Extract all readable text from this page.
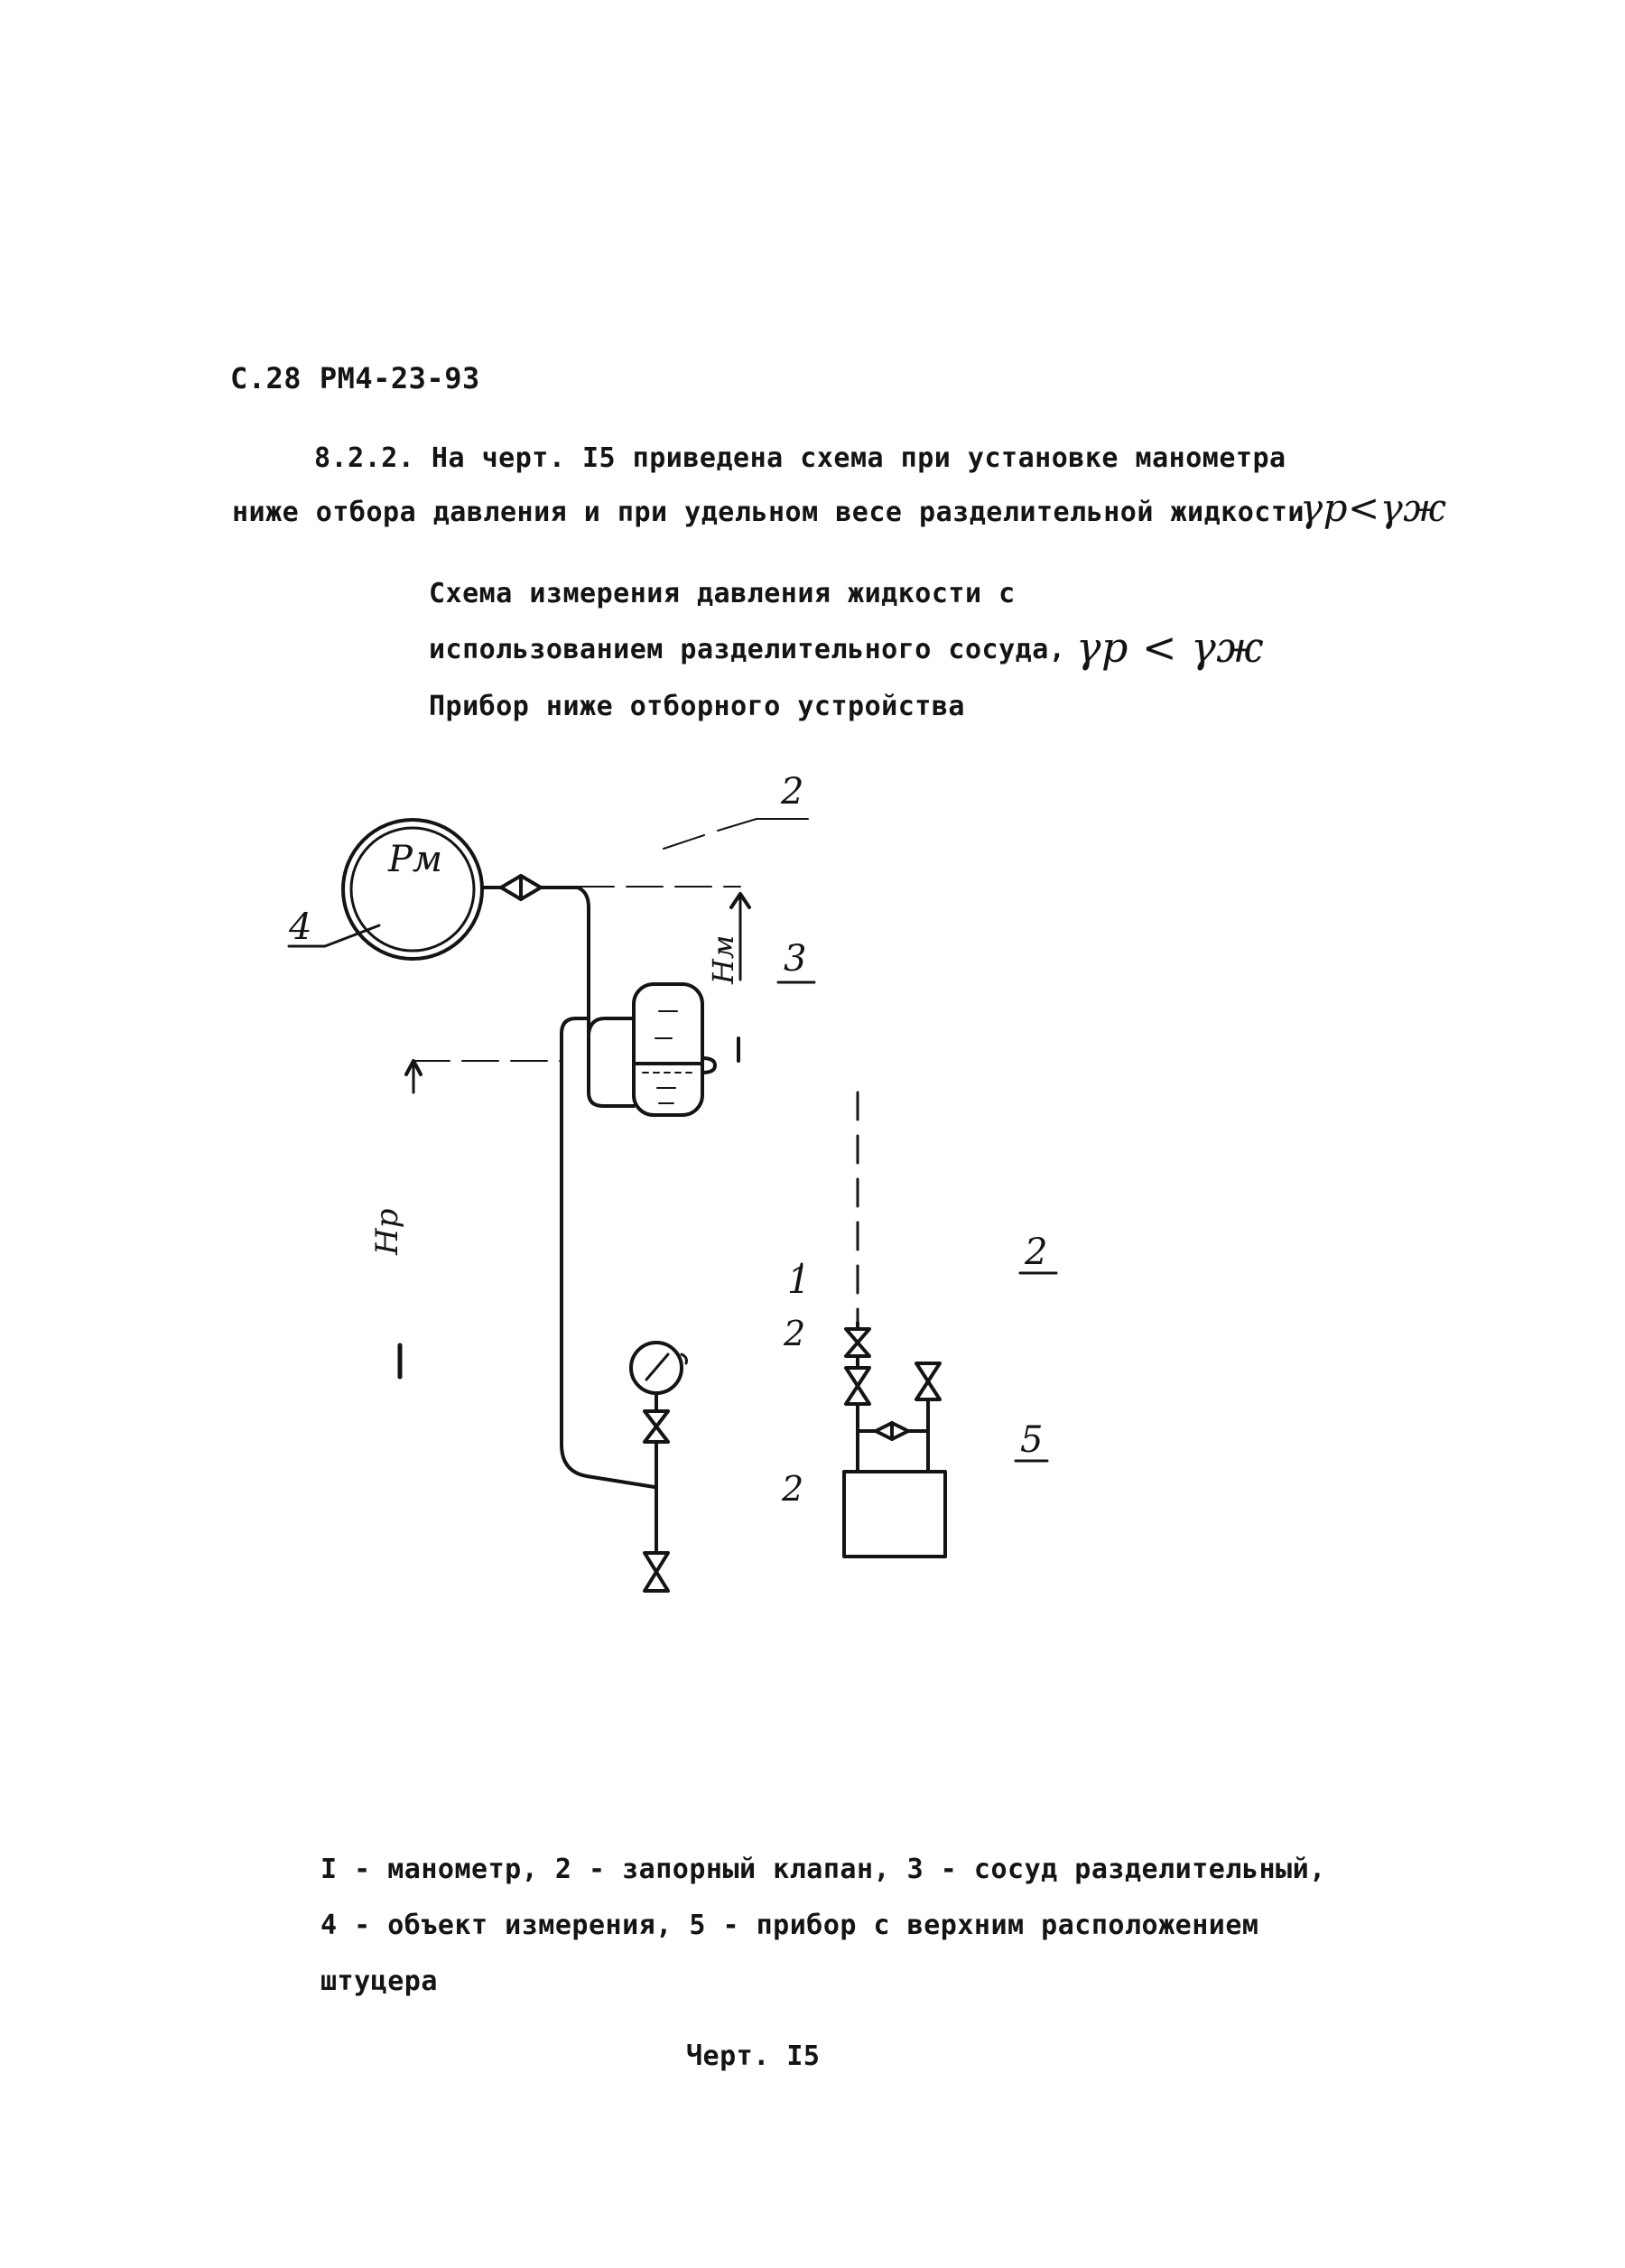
С.28 РМ4-23-93
8.2.2. На черт. I5 приведена схема при установке манометра
ниже отбора давления и при удельном весе разделительной жидкости
γр<γж
Схема измерения давления жидкости с
использованием разделительного сосуда, γр < γж
Прибор ниже отборного устройства
Рм
4
2
3
Нм
Нр
1
2
2
5
2
I - манометр, 2 - запорный клапан, 3 - сосуд разделительный,
4 - объект измерения, 5 - прибор с верхним расположением
штуцера
Черт. I5
